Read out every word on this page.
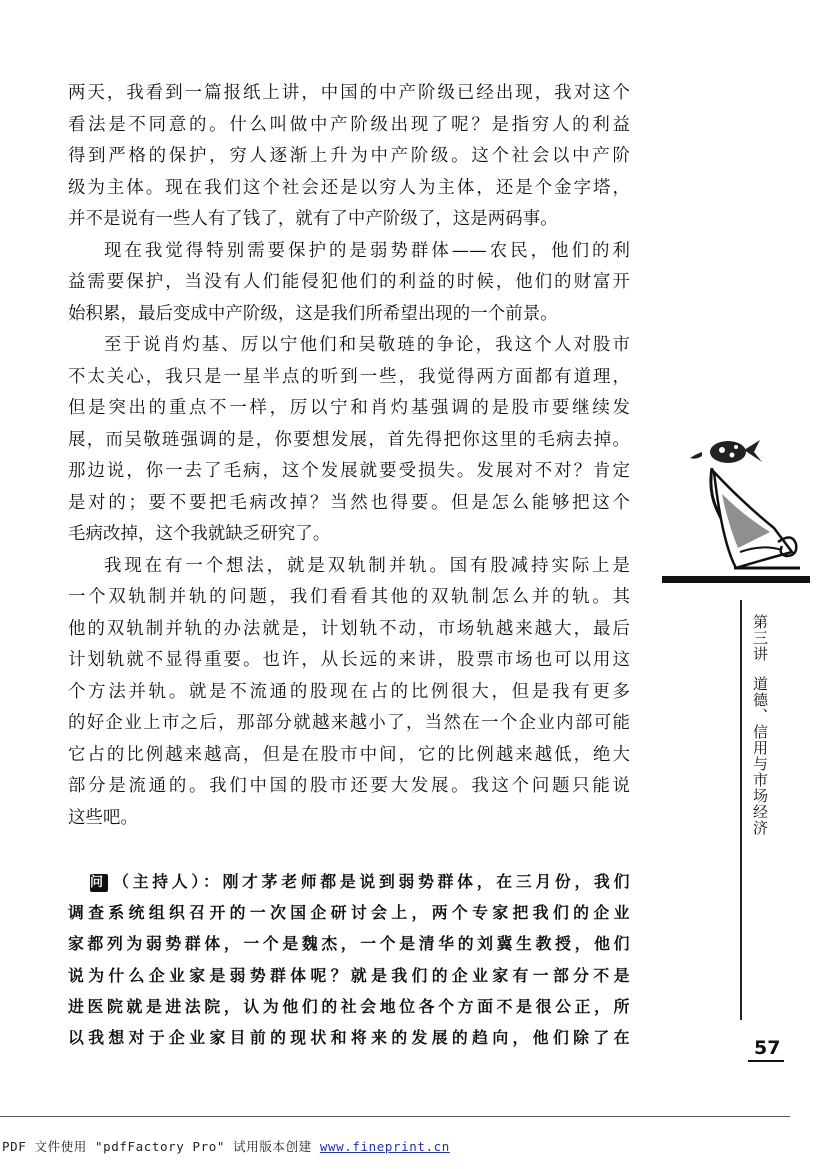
两天，我看到一篇报纸上讲，中国的中产阶级已经出现，我对这个
看法是不同意的。什么叫做中产阶级出现了呢？是指穷人的利益
得到严格的保护，穷人逐渐上升为中产阶级。这个社会以中产阶
级为主体。现在我们这个社会还是以穷人为主体，还是个金字塔，
并不是说有一些人有了钱了，就有了中产阶级了，这是两码事。
现在我觉得特别需要保护的是弱势群体——农民，他们的利
益需要保护，当没有人们能侵犯他们的利益的时候，他们的财富开
始积累，最后变成中产阶级，这是我们所希望出现的一个前景。
至于说肖灼基、厉以宁他们和吴敬琏的争论，我这个人对股市
不太关心，我只是一星半点的听到一些，我觉得两方面都有道理，
但是突出的重点不一样，厉以宁和肖灼基强调的是股市要继续发
展，而吴敬琏强调的是，你要想发展，首先得把你这里的毛病去掉。
那边说，你一去了毛病，这个发展就要受损失。发展对不对？肯定
是对的；要不要把毛病改掉？当然也得要。但是怎么能够把这个
毛病改掉，这个我就缺乏研究了。
我现在有一个想法，就是双轨制并轨。国有股减持实际上是
一个双轨制并轨的问题，我们看看其他的双轨制怎么并的轨。其
他的双轨制并轨的办法就是，计划轨不动，市场轨越来越大，最后
计划轨就不显得重要。也许，从长远的来讲，股票市场也可以用这
个方法并轨。就是不流通的股现在占的比例很大，但是我有更多
的好企业上市之后，那部分就越来越小了，当然在一个企业内部可能
它占的比例越来越高，但是在股市中间，它的比例越来越低，绝大
部分是流通的。我们中国的股市还要大发展。我这个问题只能说
这些吧。
问 （主持人）：刚才茅老师都是说到弱势群体，在三月份，我们
调查系统组织召开的一次国企研讨会上，两个专家把我们的企业
家都列为弱势群体，一个是魏杰，一个是清华的刘冀生教授，他们
说为什么企业家是弱势群体呢？就是我们的企业家有一部分不是
进医院就是进法院，认为他们的社会地位各个方面不是很公正，所
以我想对于企业家目前的现状和将来的发展的趋向，他们除了在
第三讲道德、信用与市场经济
57
PDF 文件使用 "pdfFactory Pro" 试用版本创建 www.fineprint.cn
